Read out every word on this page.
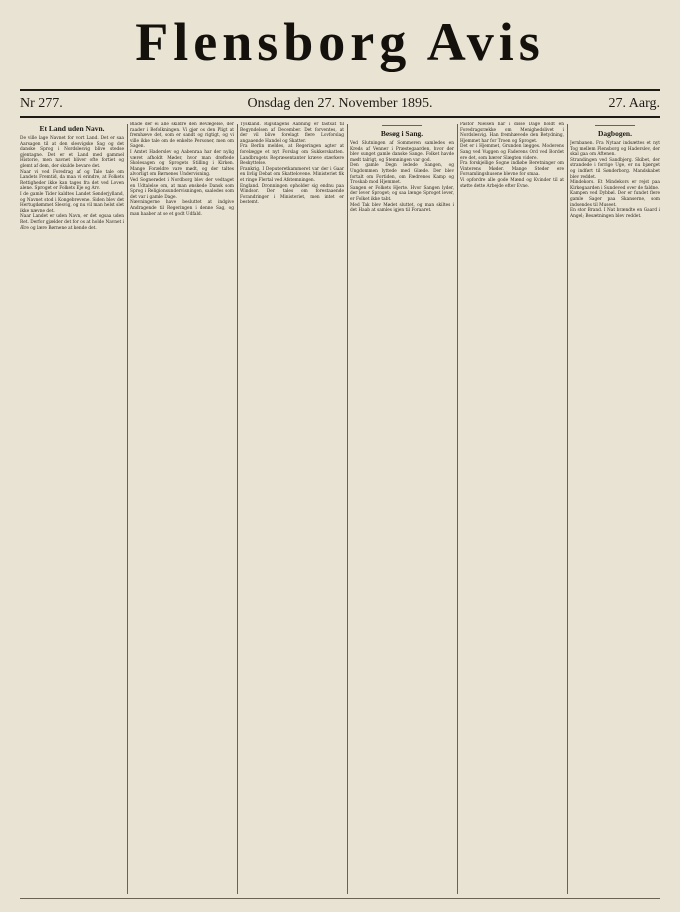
Flensborg Avis
Nr 277.	Onsdag den 27. November 1895.	27. Aarg.
Et Land uden Navn.

De ville lage Navnet for vort Land. Det er saa Aarsagen til at den slesvigske Sag og det danske Sprog i Nordslesvig blive stedse gjentagne. Det er et Land med gammel Historie, men navnet bliver ofte fortiet og glemt af dem, der skulde bevare det.

Naar vi ved Foredrag af og Tale tale om Landets Fremtid, da maa vi erindre, at Folkets Rettigheder ikke kan tages fra det ved Loven alene. Sproget er Folkets Eje og Arv.

I de gamle Tider kaldtes Landet Sønderjylland, og Navnet stod i Kongebrevene. Siden blev det Hertugdømmet Slesvig, og nu vil man helst slet ikke nævne det.

Naar Landet er uden Navn, er det ogsaa uden Ret. Derfor gjælder det for os at holde Navnet i Ære og lære Børnene at kende det.

Blade der ei alle skildre den Bevægelse, der raader i Befolkningen. Vi gjør os den Pligt at fremhæve det, som er sandt og rigtigt, og vi ville ikke tale om de enkelte Personer, men om Sagen.

I Amtet Haderslev og Aabenraa har der nylig været afholdt Møder, hvor man drøftede Skolesagen og Sprogets Stilling i Kirken. Mange Forældre vare mødt, og der taltes alvorligt om Børnenes Undervisning.

Ved Sognerødet i Nordborg blev der vedtaget en Udtalelse om, at man ønskede Dansk som Sprog i Religionsundervisningen, saaledes som det var i gamle Dage.

Nævningerne have besluttet at indgive Andragende til Regeringen i denne Sag, og man haaber at se et godt Udfald.

Tyskland. Rigsdagens Aabning er fastsat til Begyndelsen af December. Det forventes, at der vil blive forelagt flere Lovforslag angaaende Handel og Skatter.

Fra Berlin meldes, at Regeringen agter at forelægge et nyt Forslag om Sukkerskatten. Landbrugets Repræsentanter kræve stærkere Beskyttelse.

Frankrig. I Deputeretkammeret var der i Gaar en livlig Debat om Skattelovene. Ministeriet fik et ringe Flertal ved Afstemningen.

England. Dronningen opholder sig endnu paa Windsor. Der tales om forestaaende Forandringer i Ministeriet, men intet er bestemt.

Besøg i Sang.

Ved Slutningen af Sommeren samledes en Kreds af Venner i Præstegaarden, hvor der blev sunget gamle danske Sange. Folket havde mødt talrigt, og Stemningen var god.

Den gamle Degn ledede Sangen, og Ungdommen lyttede med Glæde. Der blev fortalt om Fortiden, om Fædrenes Kamp og Troskab mod Hjemmet.

Sangen er Folkets Hjerte. Hvor Sangen lyder, der lever Sproget; og saa længe Sproget lever, er Folket ikke tabt.

Med Tak blev Mødet sluttet, og man skiltes i det Haab at samles igjen til Foraaret.

Pastor Nielsen har i disse Dage holdt en Foredragsrække om Menighedslivet i Nordslesvig. Han fremhævede den Betydning, Hjemmet har for Troen og Sproget.

Det er i Hjemmet, Grunden lægges. Moderens Sang ved Vuggen og Faderens Ord ved Bordet ere det, som bærer Slægten videre.

Fra forskjellige Sogne indløbe Beretninger om Vinterens Møder. Mange Steder ere Forsamlingshusene blevne for smaa.

Vi opfordre alle gode Mænd og Kvinder til at støtte dette Arbejde efter Evne.

Dagbogen.

Jernbanen. Fra Nytaar indsættes et nyt Tog mellem Flensborg og Haderslev, der skal gaa om Aftenen.

Strandingen ved Sandbjerg. Skibet, der strandede i forrige Uge, er nu bjærget og indført til Sønderborg. Mandskabet blev reddet.

Mindekors. Et Mindekors er rejst paa Kirkegaarden i Sundeved over de faldne.

Kampen ved Dybbøl. Der er fundet flere gamle Sager paa Skanserne, som indsendes til Museet.

En stor Brand. I Nat brændte en Gaard i Angel; Besætningen blev reddet.
